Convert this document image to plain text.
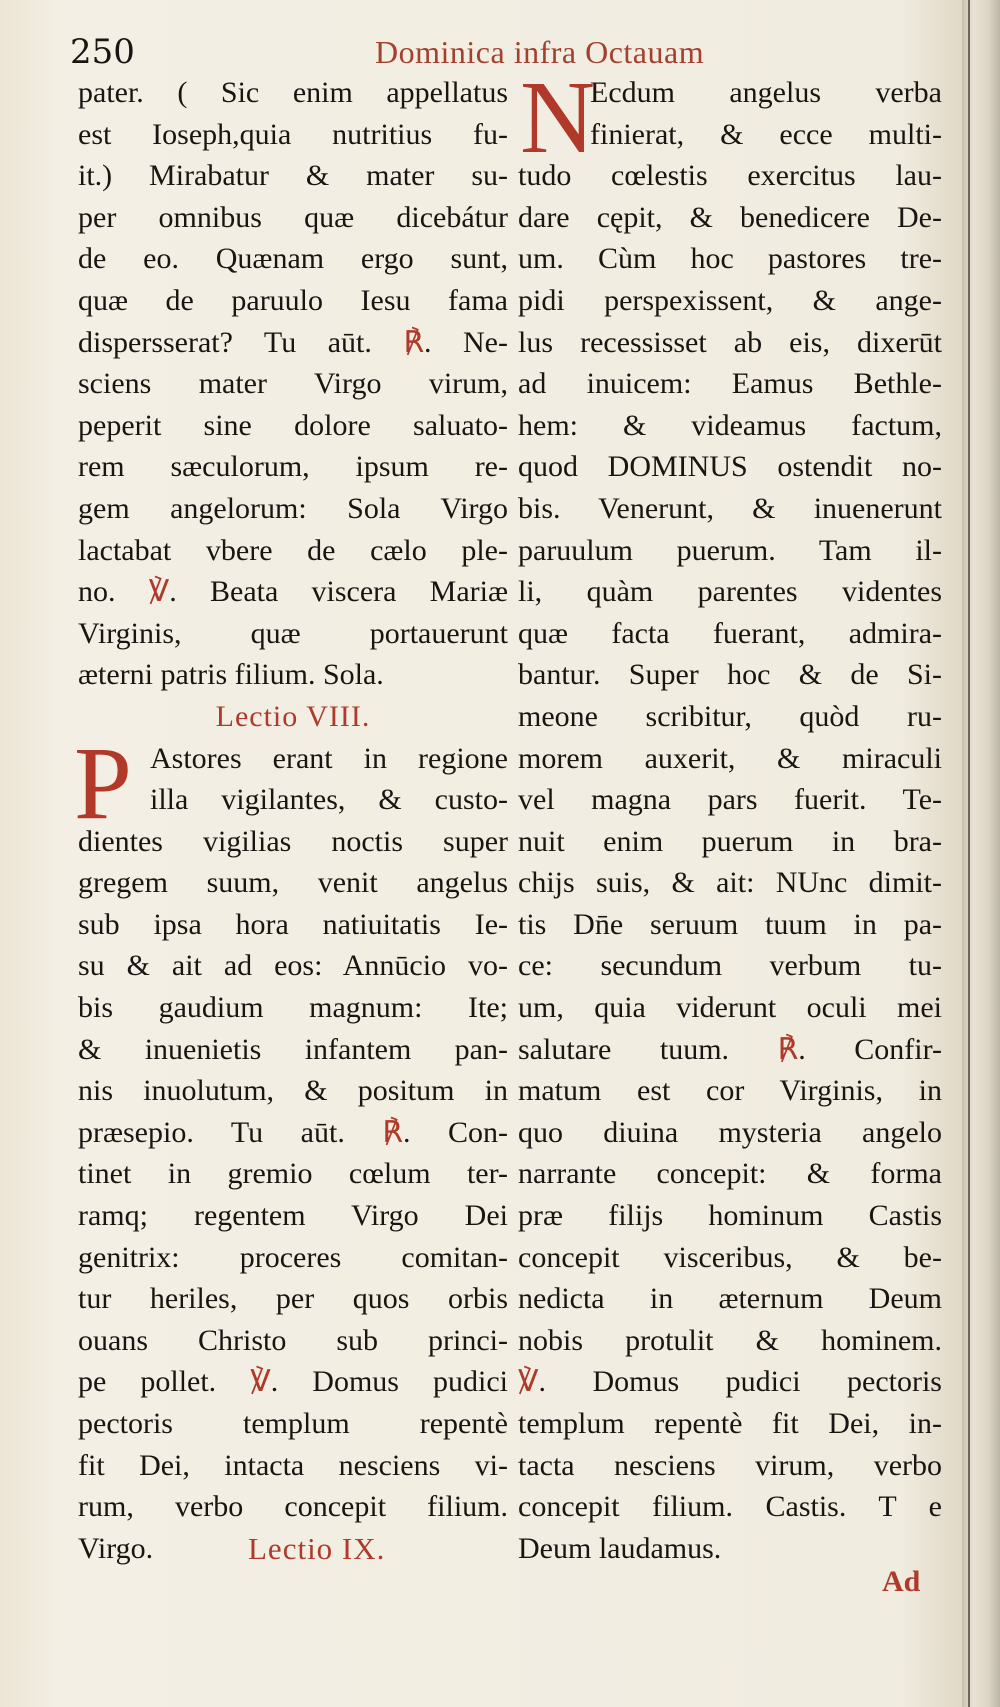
250	Dominica infra Octauam
pater. ( Sic enim appellatus
est Ioseph,quia nutritius fu-
it.) Mirabatur & mater su-
per omnibus quæ dicebátur
de eo. Quænam ergo sunt,
quæ de paruulo Iesu fama
dispersserat? Tu aūt. ℟. Ne-
sciens mater Virgo virum,
peperit sine dolore saluato-
rem sæculorum, ipsum re-
gem angelorum: Sola Virgo
lactabat vbere de cælo ple-
no. ℣. Beata viscera Mariæ
Virginis, quæ portauerunt
æterni patris filium. Sola.
Lectio VIII.
P Astores erant in regione
illa vigilantes, & custo-
dientes vigilias noctis super
gregem suum, venit angelus
sub ipsa hora natiuitatis Ie-
su & ait ad eos: Annūcio vo-
bis gaudium magnum: Ite;
& inuenietis infantem pan-
nis inuolutum, & positum in
præsepio. Tu aūt. ℟. Con-
tinet in gremio cœlum ter-
ramq; regentem Virgo Dei
genitrix: proceres comitan-
tur heriles, per quos orbis
ouans Christo sub princi-
pe pollet. ℣. Domus pudici
pectoris templum repentè
fit Dei, intacta nesciens vi-
rum, verbo concepit filium.
Virgo.	Lectio IX.
N
Ecdum angelus verba
finierat, & ecce multi-
tudo cœlestis exercitus lau-
dare cępit, & benedicere De-
um. Cùm hoc pastores tre-
pidi perspexissent, & ange-
lus recessisset ab eis, dixerūt
ad inuicem: Eamus Bethle-
hem: & videamus factum,
quod DOMINUS ostendit no-
bis. Venerunt, & inuenerunt
paruulum puerum. Tam il-
li, quàm parentes videntes
quæ facta fuerant, admira-
bantur. Super hoc & de Si-
meone scribitur, quòd ru-
morem auxerit, & miraculi
vel magna pars fuerit. Te-
nuit enim puerum in bra-
chijs suis, & ait: NUnc dimit-
tis Dn̄e seruum tuum in pa-
ce: secundum verbum tu-
um, quia viderunt oculi mei
salutare tuum. ℟. Confir-
matum est cor Virginis, in
quo diuina mysteria angelo
narrante concepit: & forma
præ filijs hominum Castis
concepit visceribus, & be-
nedicta in æternum Deum
nobis protulit & hominem.
℣. Domus pudici pectoris
templum repentè fit Dei, in-
tacta nesciens virum, verbo
concepit filium. Castis. T e
Deum laudamus.
Ad
